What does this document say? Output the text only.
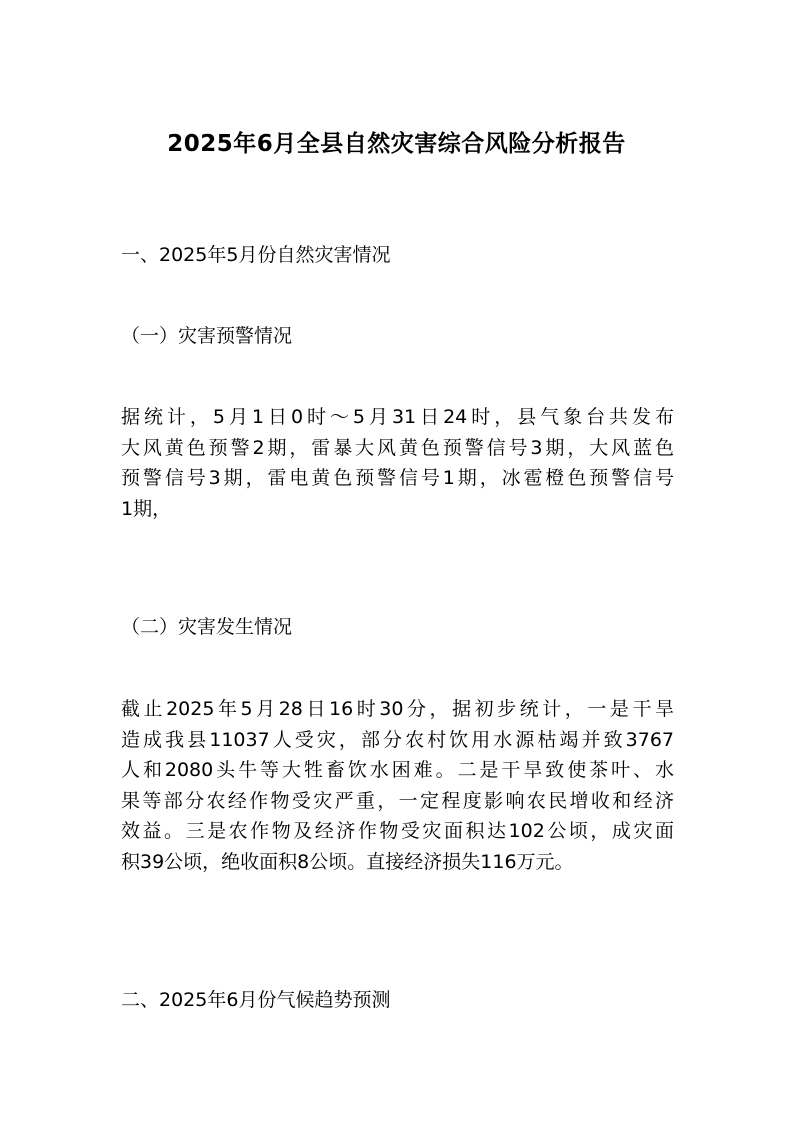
2025年6月全县自然灾害综合风险分析报告

一、2025年5月份自然灾害情况

（一）灾害预警情况

据统计，5月1日0时～5月31日24时，县气象台共发布
大风黄色预警2期，雷暴大风黄色预警信号3期，大风蓝色
预警信号3期，雷电黄色预警信号1期，冰雹橙色预警信号
1期，

（二）灾害发生情况

截止2025年5月28日16时30分，据初步统计，一是干旱
造成我县11037人受灾，部分农村饮用水源枯竭并致3767
人和2080头牛等大牲畜饮水困难。二是干旱致使茶叶、水
果等部分农经作物受灾严重，一定程度影响农民增收和经济
效益。三是农作物及经济作物受灾面积达102公顷，成灾面
积39公顷，绝收面积8公顷。直接经济损失116万元。

二、2025年6月份气候趋势预测
